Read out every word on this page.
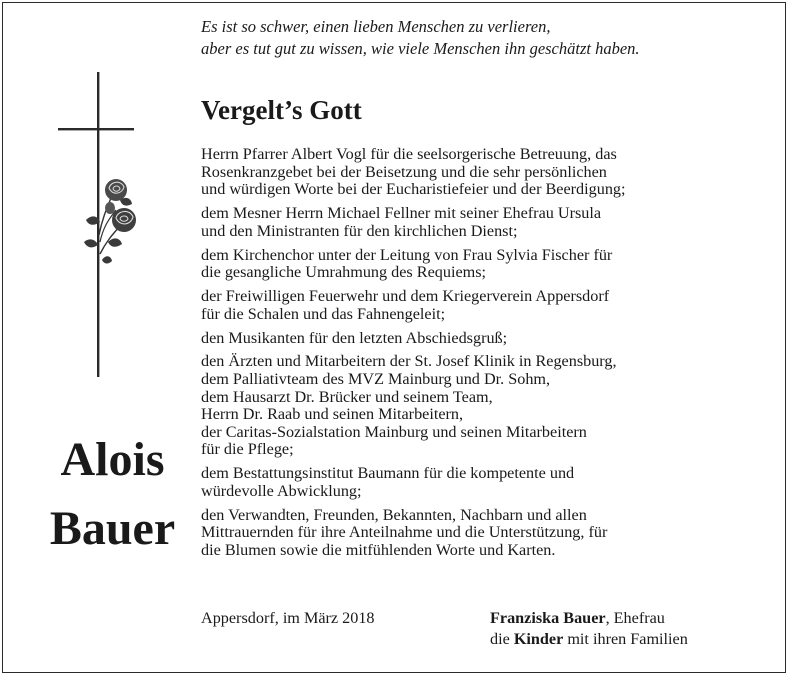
Es ist so schwer, einen lieben Menschen zu verlieren,
aber es tut gut zu wissen, wie viele Menschen ihn geschätzt haben.
Vergelt’s Gott
Herrn Pfarrer Albert Vogl für die seelsorgerische Betreuung, das
Rosenkranzgebet bei der Beisetzung und die sehr persönlichen
und würdigen Worte bei der Eucharistiefeier und der Beerdigung;
dem Mesner Herrn Michael Fellner mit seiner Ehefrau Ursula
und den Ministranten für den kirchlichen Dienst;
dem Kirchenchor unter der Leitung von Frau Sylvia Fischer für
die gesangliche Umrahmung des Requiems;
der Freiwilligen Feuerwehr und dem Kriegerverein Appersdorf
für die Schalen und das Fahnengeleit;
den Musikanten für den letzten Abschiedsgruß;
den Ärzten und Mitarbeitern der St. Josef Klinik in Regensburg,
dem Palliativteam des MVZ Mainburg und Dr. Sohm,
dem Hausarzt Dr. Brücker und seinem Team,
Herrn Dr. Raab und seinen Mitarbeitern,
der Caritas-Sozialstation Mainburg und seinen Mitarbeitern
für die Pflege;
dem Bestattungsinstitut Baumann für die kompetente und
würdevolle Abwicklung;
den Verwandten, Freunden, Bekannten, Nachbarn und allen
Mittrauernden für ihre Anteilnahme und die Unterstützung, für
die Blumen sowie die mitfühlenden Worte und Karten.
Alois
Bauer
Appersdorf, im März 2018	Franziska Bauer, Ehefrau
die Kinder mit ihren Familien
